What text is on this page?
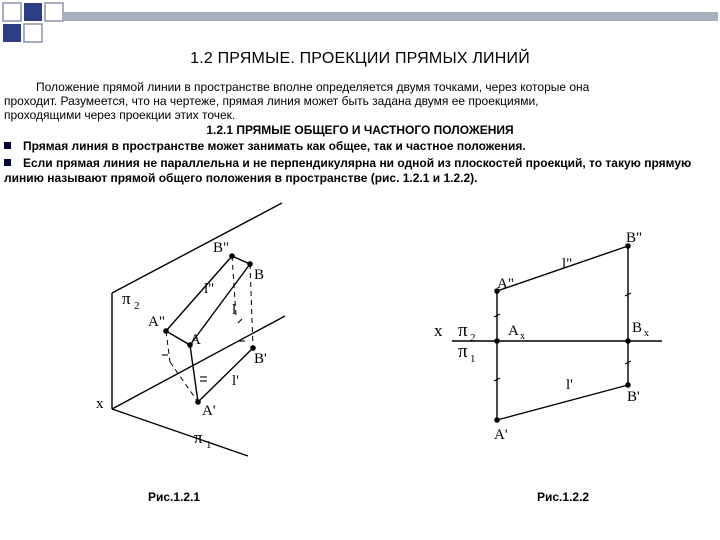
1.2 ПРЯМЫЕ. ПРОЕКЦИИ ПРЯМЫХ ЛИНИЙ
Положение прямой линии в пространстве вполне определяется двумя точками, через которые она
проходит. Разумеется, что на чертеже, прямая линия может быть задана двумя ее проекциями,
проходящими через проекции этих точек.
1.2.1 ПРЯМЫЕ ОБЩЕГО И ЧАСТНОГО ПОЛОЖЕНИЯ
Прямая линия в пространстве может занимать как общее, так и частное положения.
Если прямая линия не параллельна и не перпендикулярна ни одной из плоскостей проекций, то такую прямую линию называют прямой общего положения в пространстве (рис. 1.2.1 и 1.2.2).
B"
B
l"
π 2
A"
l
A
B'
l'
x	A'
π 1
B"
l"
A"
x π 2 A x
B x
π 1
l'
B'
A'
Рис.1.2.1	Рис.1.2.2
